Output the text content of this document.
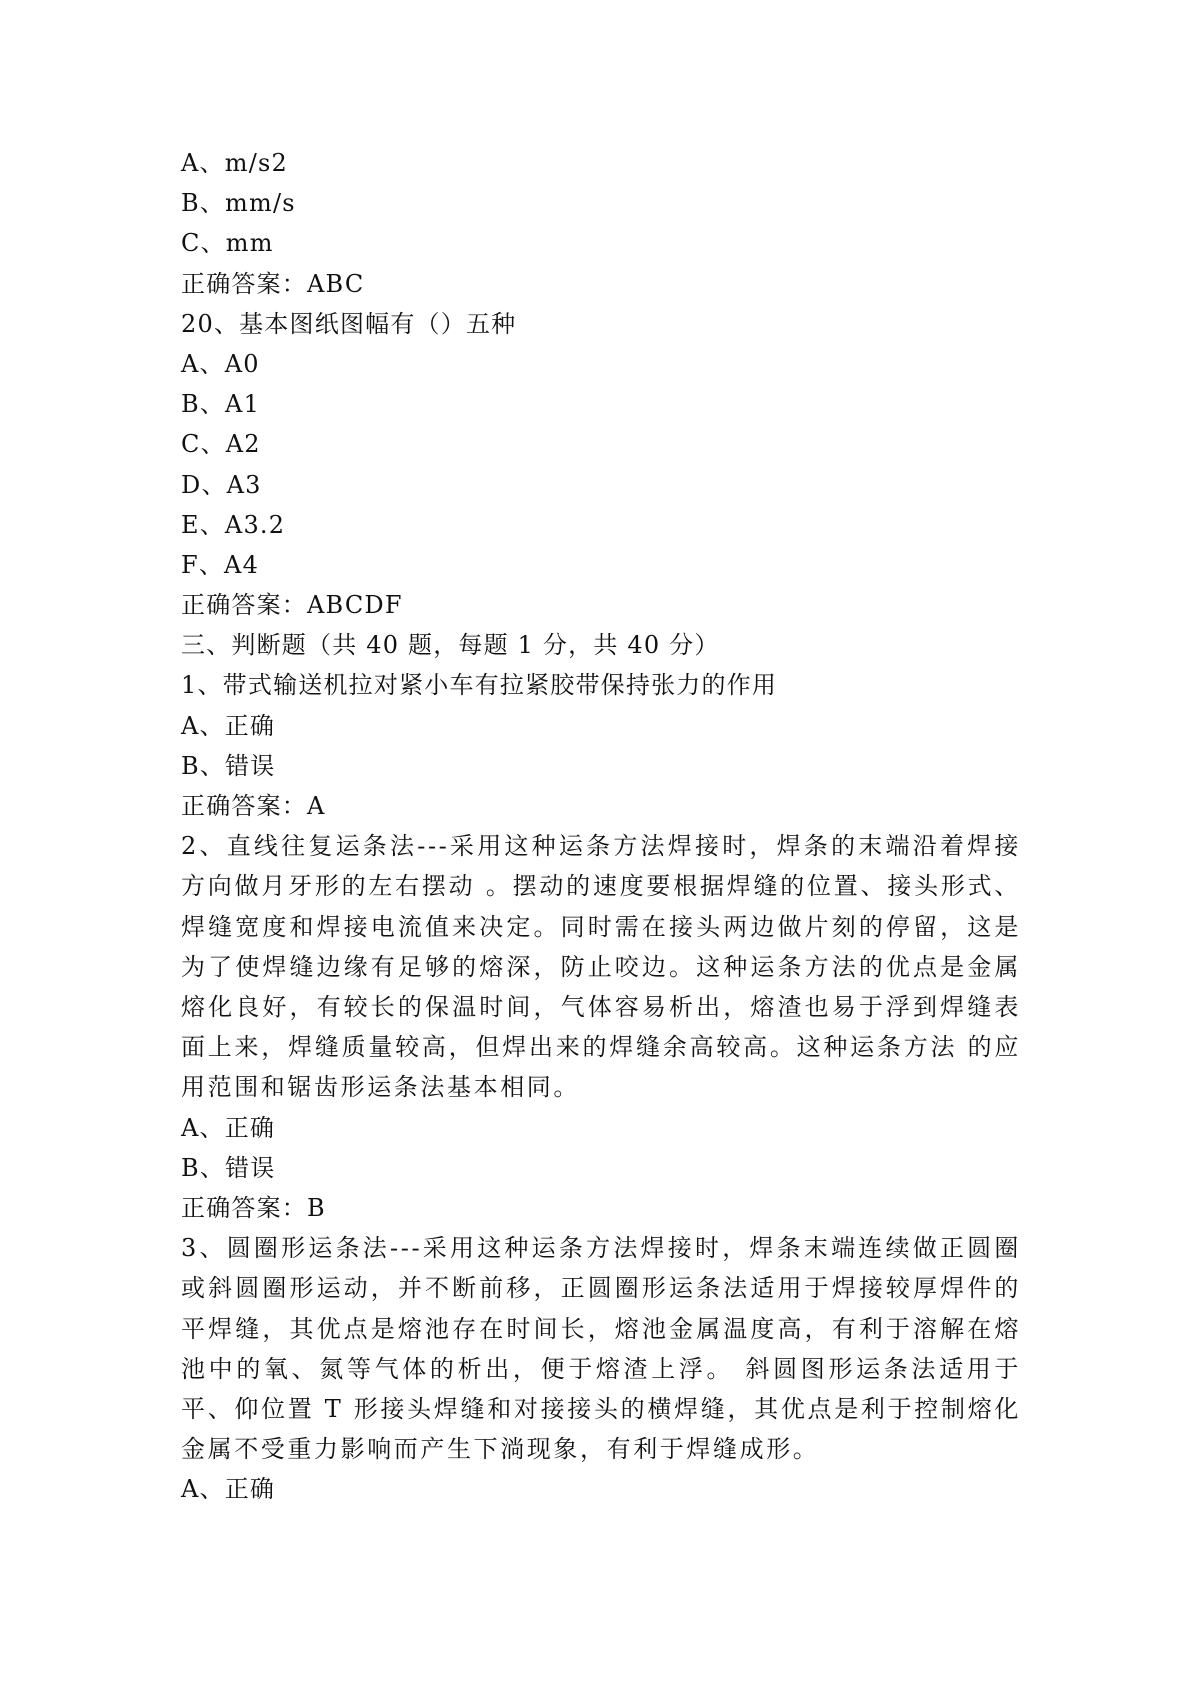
A、m/s2
B、mm/s
C、mm
正确答案：ABC
20、基本图纸图幅有（）五种
A、A0
B、A1
C、A2
D、A3
E、A3.2
F、A4
正确答案：ABCDF
三、判断题（共 40 题，每题 1 分，共 40 分）
1、带式输送机拉对紧小车有拉紧胶带保持张力的作用
A、正确
B、错误
正确答案：A
2、直线往复运条法---采用这种运条方法焊接时，焊条的末端沿着焊接方向做月牙形的左右摆动 。摆动的速度要根据焊缝的位置、接头形式、焊缝宽度和焊接电流值来决定。同时需在接头两边做片刻的停留，这是为了使焊缝边缘有足够的熔深，防止咬边。这种运条方法的优点是金属熔化良好，有较长的保温时间，气体容易析出，熔渣也易于浮到焊缝表面上来，焊缝质量较高，但焊出来的焊缝余高较高。这种运条方法 的应用范围和锯齿形运条法基本相同。
A、正确
B、错误
正确答案：B
3、圆圈形运条法---采用这种运条方法焊接时，焊条末端连续做正圆圈或斜圆圈形运动，并不断前移，正圆圈形运条法适用于焊接较厚焊件的平焊缝，其优点是熔池存在时间长，熔池金属温度高，有利于溶解在熔池中的氧、氮等气体的析出，便于熔渣上浮。 斜圆图形运条法适用于平、仰位置 T 形接头焊缝和对接接头的横焊缝，其优点是利于控制熔化金属不受重力影响而产生下淌现象，有利于焊缝成形。
A、正确
